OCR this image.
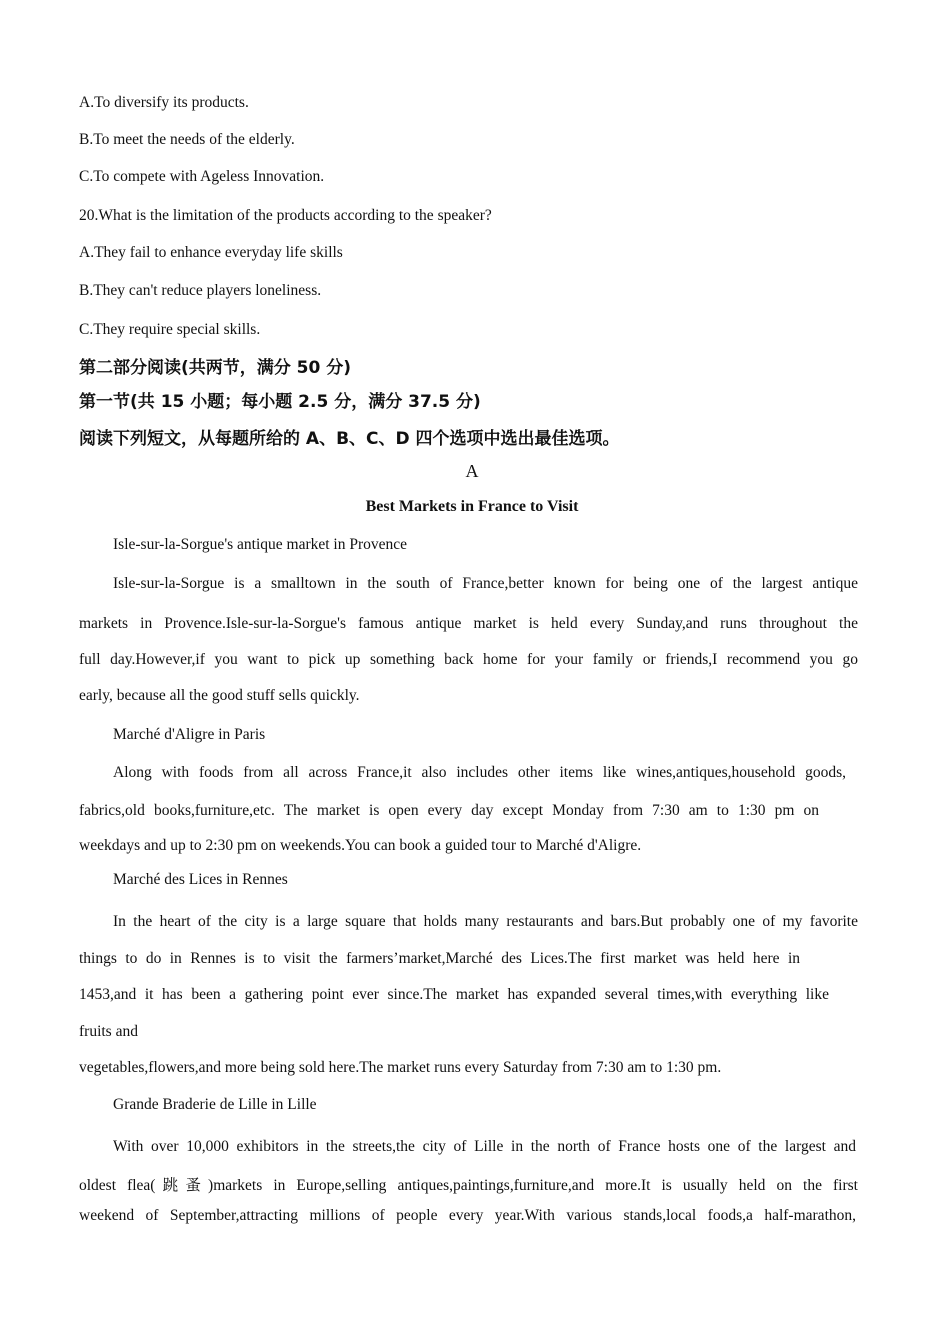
A.To diversify its products.
B.To meet the needs of the elderly.
C.To compete with Ageless Innovation.
20.What is the limitation of the products according to the speaker?
A.They fail to enhance everyday life skills
B.They can't reduce players loneliness.
C.They require special skills.
第二部分阅读(共两节，满分 50 分)
第一节(共 15 小题；每小题 2.5 分，满分 37.5 分)
阅读下列短文，从每题所给的 A、B、C、D 四个选项中选出最佳选项。
A
Best Markets in France to Visit
Isle-sur-la-Sorgue's antique market in Provence
Isle-sur-la-Sorgue is a smalltown in the south of France,better known for being one of the largest antique
markets in Provence.Isle-sur-la-Sorgue's famous antique market is held every Sunday,and runs throughout the
full day.However,if you want to pick up something back home for your family or friends,I recommend you go
early, because all the good stuff sells quickly.
Marché d'Aligre in Paris
Along with foods from all across France,it also includes other items like wines,antiques,household goods,
fabrics,old books,furniture,etc. The market is open every day except Monday from 7:30 am to 1:30 pm on
weekdays and up to 2:30 pm on weekends.You can book a guided tour to Marché d'Aligre.
Marché des Lices in Rennes
In the heart of the city is a large square that holds many restaurants and bars.But probably one of my favorite
things to do in Rennes is to visit the farmers’market,Marché des Lices.The first market was held here in
1453,and it has been a gathering point ever since.The market has expanded several times,with everything like
fruits and
vegetables,flowers,and more being sold here.The market runs every Saturday from 7:30 am to 1:30 pm.
Grande Braderie de Lille in Lille
With over 10,000 exhibitors in the streets,the city of Lille in the north of France hosts one of the largest and
oldest flea(跳蚤)markets in Europe,selling antiques,paintings,furniture,and more.It is usually held on the first
weekend of September,attracting millions of people every year.With various stands,local foods,a half-marathon,
